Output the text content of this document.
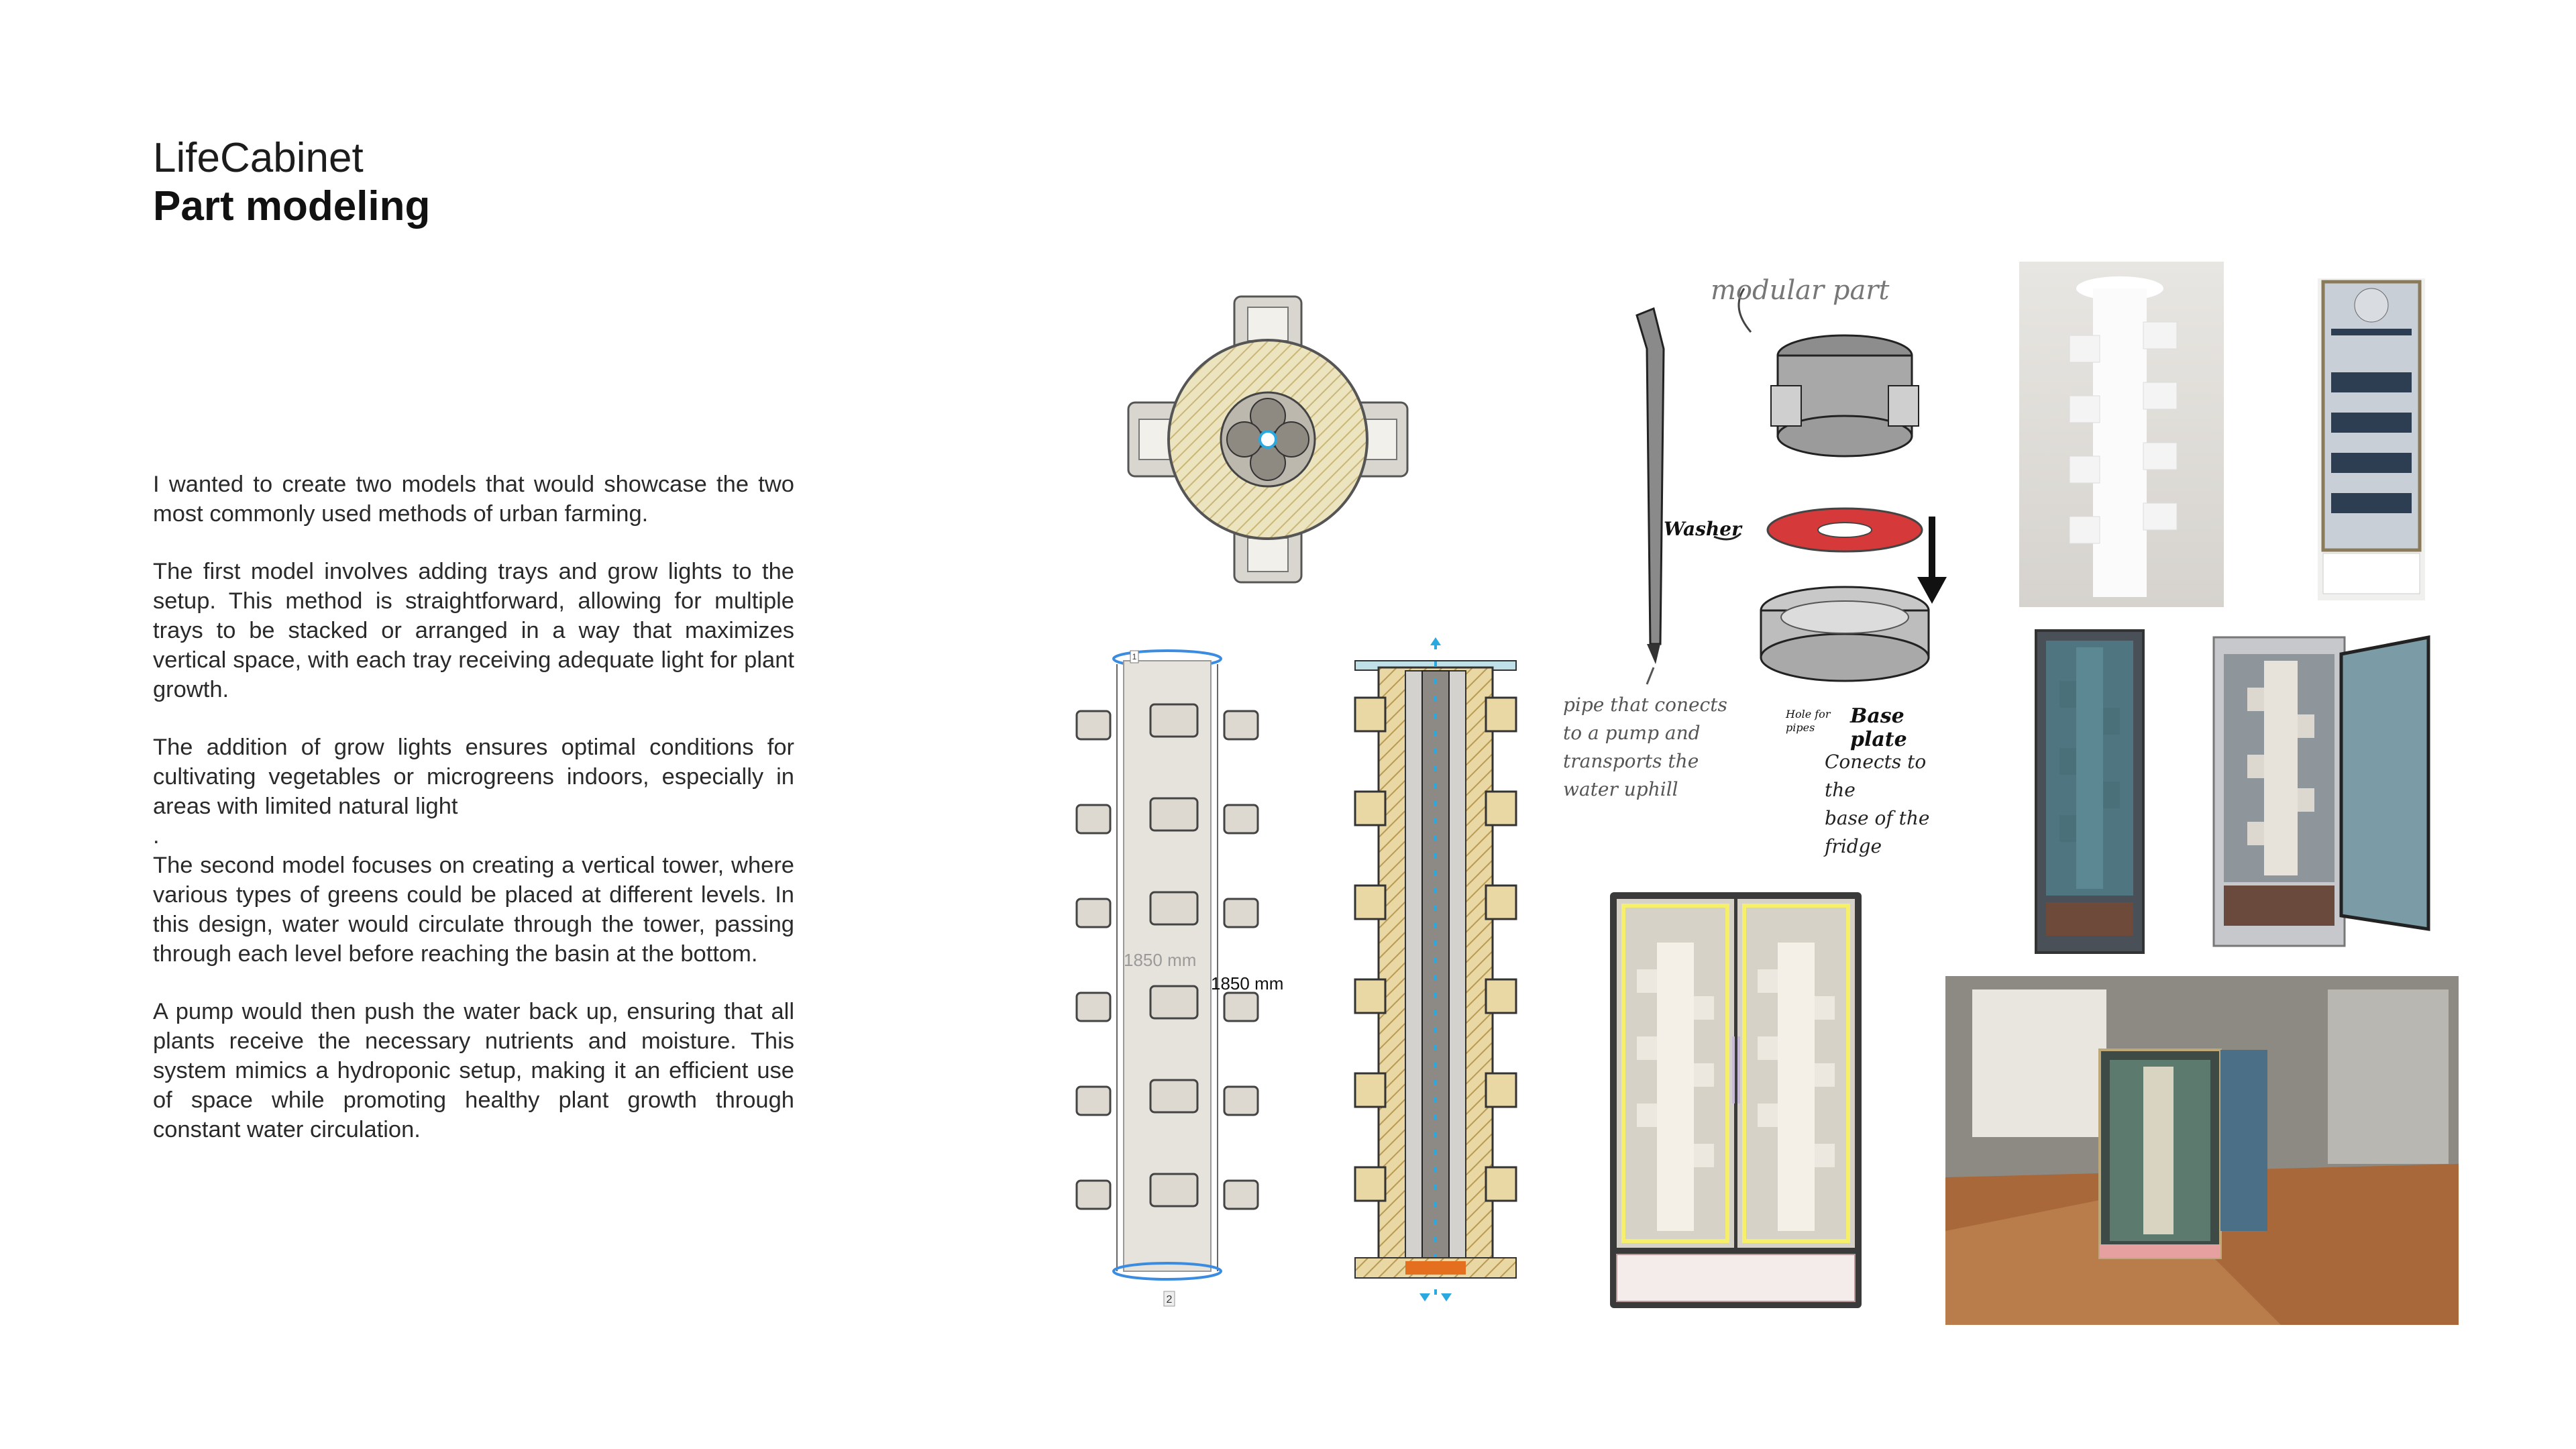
LifeCabinet
Part modeling

I wanted to create two models that would showcase the two most commonly used methods of urban farming.

The first model involves adding trays and grow lights to the setup. This method is straightforward, allowing for multiple trays to be stacked or arranged in a way that maximizes vertical space, with each tray receiving adequate light for plant growth.

The addition of grow lights ensures optimal conditions for cultivating vegetables or microgreens indoors, especially in areas with limited natural light

.

The second model focuses on creating a vertical tower, where various types of greens could be placed at different levels. In this design, water would circulate through the tower, passing through each level before reaching the basin at the bottom.

A pump would then push the water back up, ensuring that all plants receive the necessary nutrients and moisture. This system mimics a hydroponic setup, making it an efficient use of space while promoting healthy plant growth through constant water circulation.

1
2
1850 mm
1850 mm
modular part
Washer
pipe that conects
to a pump and
transports the
water uphill
Hole for
pipes	Base plate
Conects to the
base of the fridge
